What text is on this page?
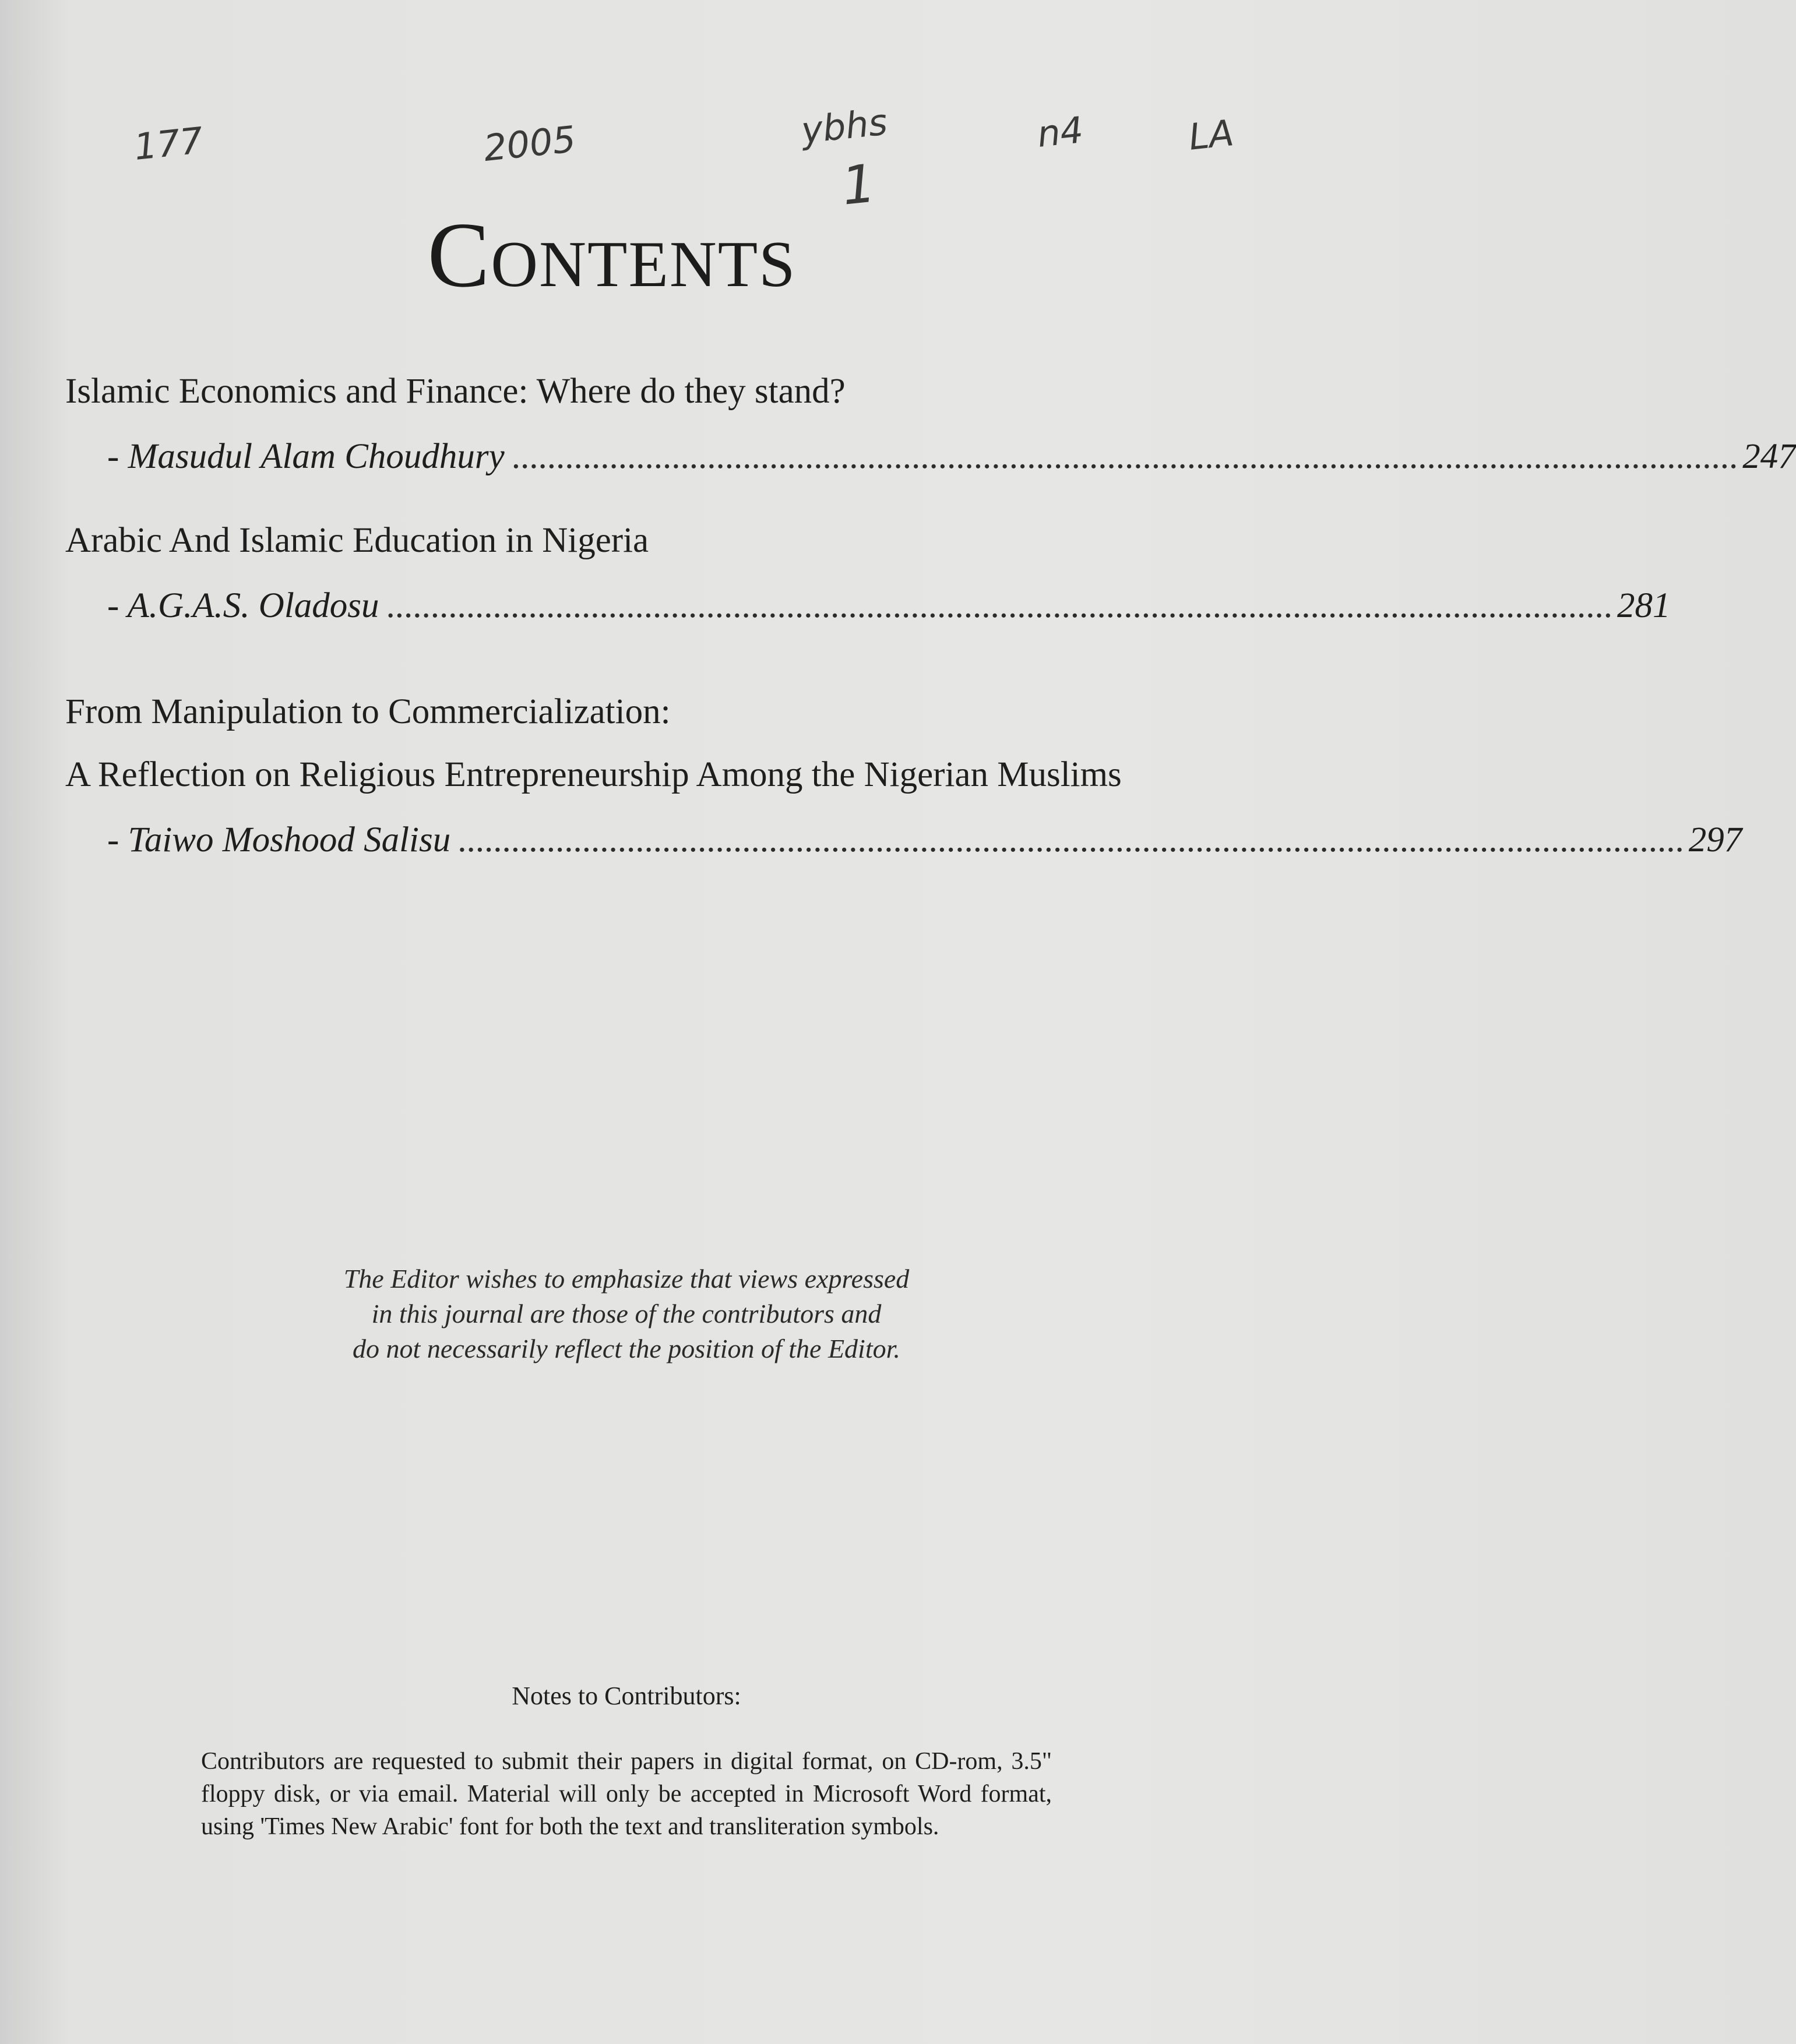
177	2005	ybhs
1
n4	LA
Contents

Islamic Economics and Finance: Where do they stand?

- Masudul Alam Choudhury .......................................................................................................................................... 247

Arabic And Islamic Education in Nigeria

- A.G.A.S. Oladosu .......................................................................................................................................... 281

From Manipulation to Commercialization:

A Reflection on Religious Entrepreneurship Among the Nigerian Muslims

- Taiwo Moshood Salisu .......................................................................................................................................... 297
The Editor wishes to emphasize that views expressed
in this journal are those of the contributors and
do not necessarily reflect the position of the Editor.
Notes to Contributors:
Contributors are requested to submit their papers in digital format, on CD-rom, 3.5" floppy disk, or via email. Material will only be accepted in Microsoft Word format, using 'Times New Arabic' font for both the text and transliteration symbols.
